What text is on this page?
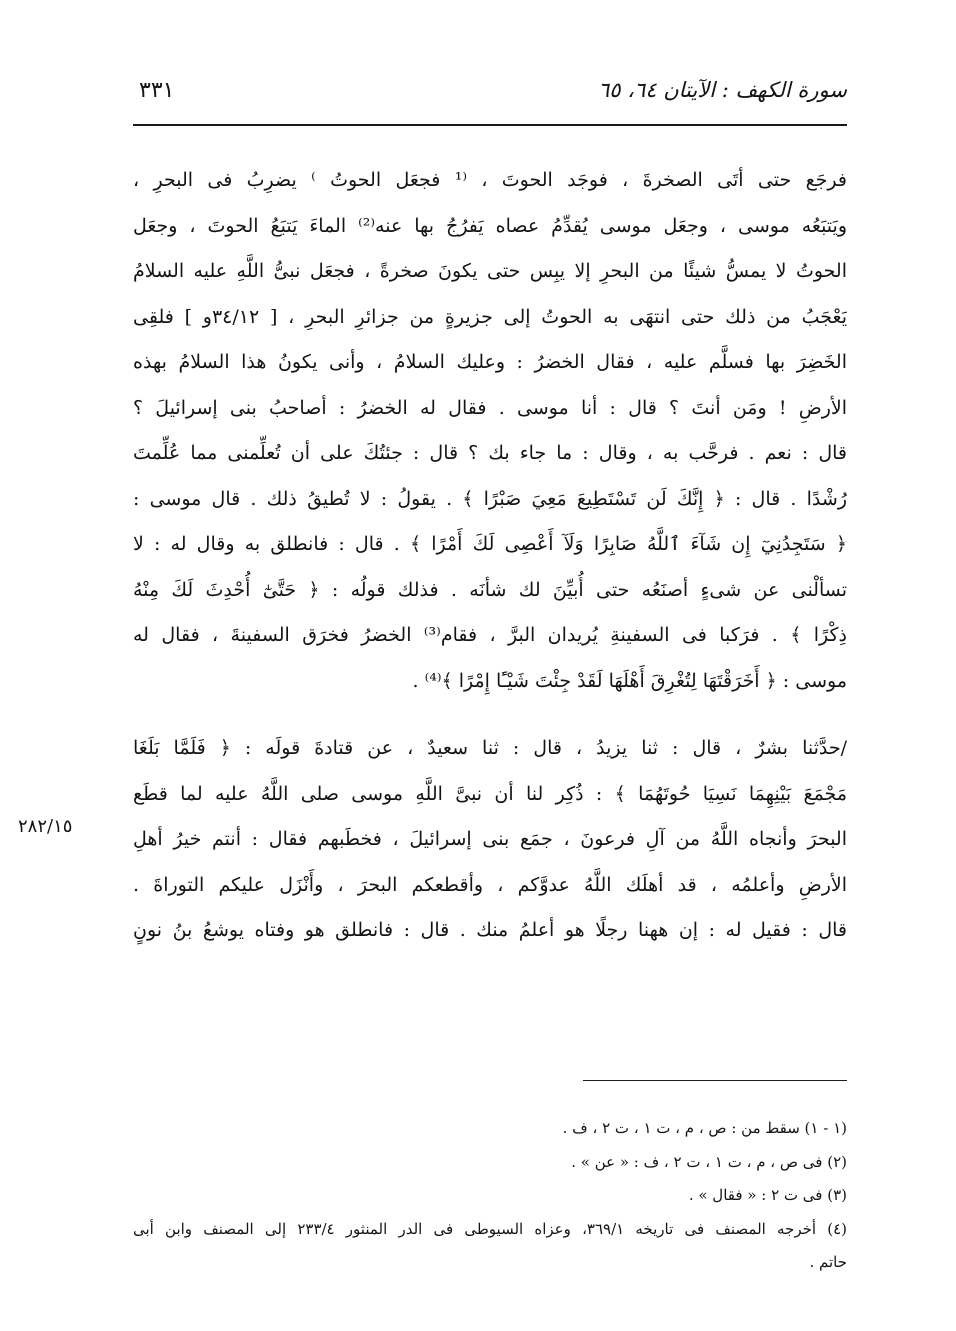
سورة الكهف : الآيتان ٦٤، ٦٥
٣٣١
فرجَع حتى أتَى الصخرةَ ، فوجَد الحوتَ ، ⁽¹ فجعَل الحوتُ ⁾ يضرِبُ فى البحرِ ،
ويَتبَعُه موسى ، وجعَل موسى يُقدِّمُ عصاه يَفرُجُ بها عنه⁽²⁾ الماءَ يَتبَعُ الحوتَ ، وجعَل
الحوتُ لا يمسُّ شيئًا من البحرِ إلا يبِس حتى يكونَ صخرةً ، فجعَل نبىُّ اللَّهِ عليه السلامُ
يَعْجَبُ من ذلك حتى انتهَى به الحوتُ إلى جزيرةٍ من جزائرِ البحرِ ، [ ٣٤/١٢و ] فلقِى
الخَضِرَ بها فسلَّم عليه ، فقال الخضرُ : وعليك السلامُ ، وأنى يكونُ هذا السلامُ بهذه
الأرضِ ! ومَن أنتَ ؟ قال : أنا موسى . فقال له الخضرُ : أصاحبُ بنى إسرائيلَ ؟
قال : نعم . فرحَّب به ، وقال : ما جاء بك ؟ قال : جئتُكَ على أن تُعلِّمنى مما عُلِّمتَ
رُشْدًا . قال : ﴿ إِنَّكَ لَن تَسْتَطِيعَ مَعِيَ صَبْرًا ﴾ . يقولُ : لا تُطيقُ ذلك . قال موسى :
﴿ سَتَجِدُنِيٓ إِن شَآءَ ٱللَّهُ صَابِرًا وَلَآ أَعْصِى لَكَ أَمْرًا ﴾ . قال : فانطلق به وقال له : لا
تسألْنى عن شىءٍ أصنَعُه حتى أُبيِّنَ لك شأنَه . فذلك قولُه : ﴿ حَتَّىٰٓ أُحْدِثَ لَكَ مِنْهُ
ذِكْرًا ﴾ . فرَكبا فى السفينةِ يُريدان البرَّ ، فقام⁽³⁾ الخضرُ فخرَق السفينةَ ، فقال له
موسى : ﴿ أَخَرَقْتَهَا لِتُغْرِقَ أَهْلَهَا لَقَدْ جِئْتَ شَيْـًٔا إِمْرًا ﴾⁽⁴⁾ .
/حدَّثنا بشرٌ ، قال : ثنا يزيدُ ، قال : ثنا سعيدٌ ، عن قتادةَ قولَه : ﴿ فَلَمَّا بَلَغَا
مَجْمَعَ بَيْنِهِمَا نَسِيَا حُوتَهُمَا ﴾ : ذُكِر لنا أن نبىَّ اللَّهِ موسى صلى اللَّهُ عليه لما قطَع
البحرَ وأنجاه اللَّهُ من آلِ فرعونَ ، جمَع بنى إسرائيلَ ، فخطَبهم فقال : أنتم خيرُ أهلِ
الأرضِ وأعلمُه ، قد أهلَك اللَّهُ عدوَّكم ، وأقطعكم البحرَ ، وأَنْزَل عليكم التوراةَ .
قال : فقيل له : إن ههنا رجلًا هو أعلمُ منك . قال : فانطلق هو وفتاه يوشعُ بنُ نونٍ
٢٨٢/١٥
(١ - ١) سقط من : ص ، م ، ت ١ ، ت ٢ ، ف .
(٢) فى ص ، م ، ت ١ ، ت ٢ ، ف : « عن » .
(٣) فى ت ٢ : « فقال » .
(٤) أخرجه المصنف فى تاريخه ٣٦٩/١، وعزاه السيوطى فى الدر المنثور ٢٣٣/٤ إلى المصنف وابن أبى
حاتم .
